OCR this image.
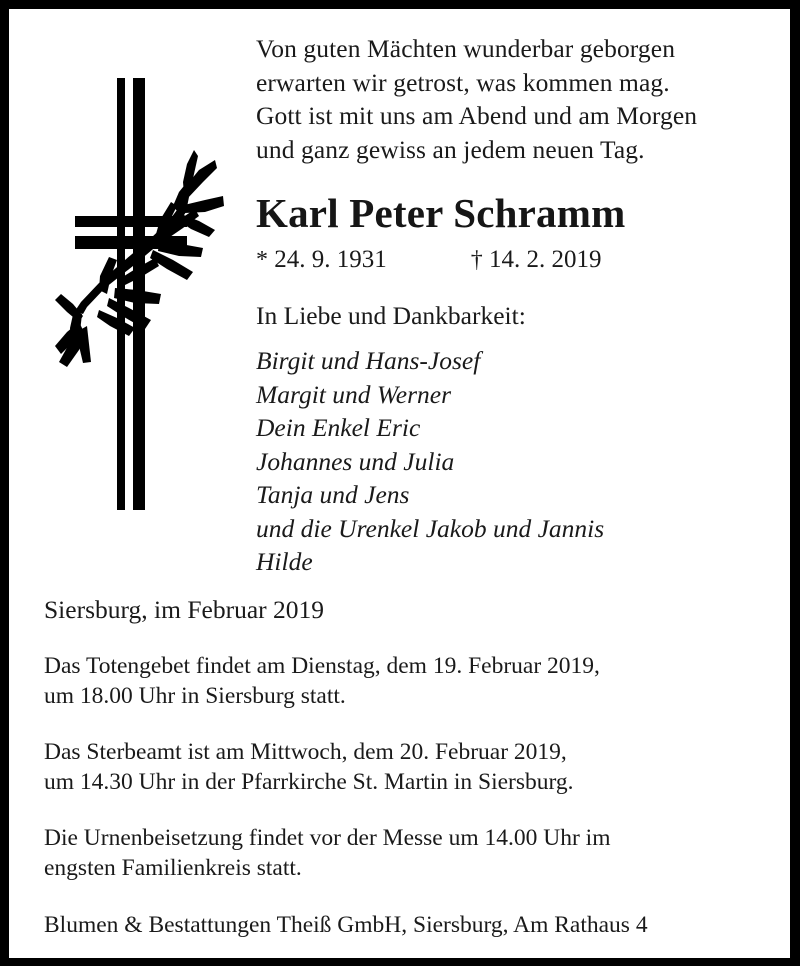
Von guten Mächten wunderbar geborgen
erwarten wir getrost, was kommen mag.
Gott ist mit uns am Abend und am Morgen
und ganz gewiss an jedem neuen Tag.
Karl Peter Schramm
* 24. 9. 1931	† 14. 2. 2019
In Liebe und Dankbarkeit:
Birgit und Hans-Josef
Margit und Werner
Dein Enkel Eric
Johannes und Julia
Tanja und Jens
und die Urenkel Jakob und Jannis
Hilde
Siersburg, im Februar 2019
Das Totengebet findet am Dienstag, dem 19. Februar 2019,
um 18.00 Uhr in Siersburg statt.
Das Sterbeamt ist am Mittwoch, dem 20. Februar 2019,
um 14.30 Uhr in der Pfarrkirche St. Martin in Siersburg.
Die Urnenbeisetzung findet vor der Messe um 14.00 Uhr im
engsten Familienkreis statt.
Blumen & Bestattungen Theiß GmbH, Siersburg, Am Rathaus 4
